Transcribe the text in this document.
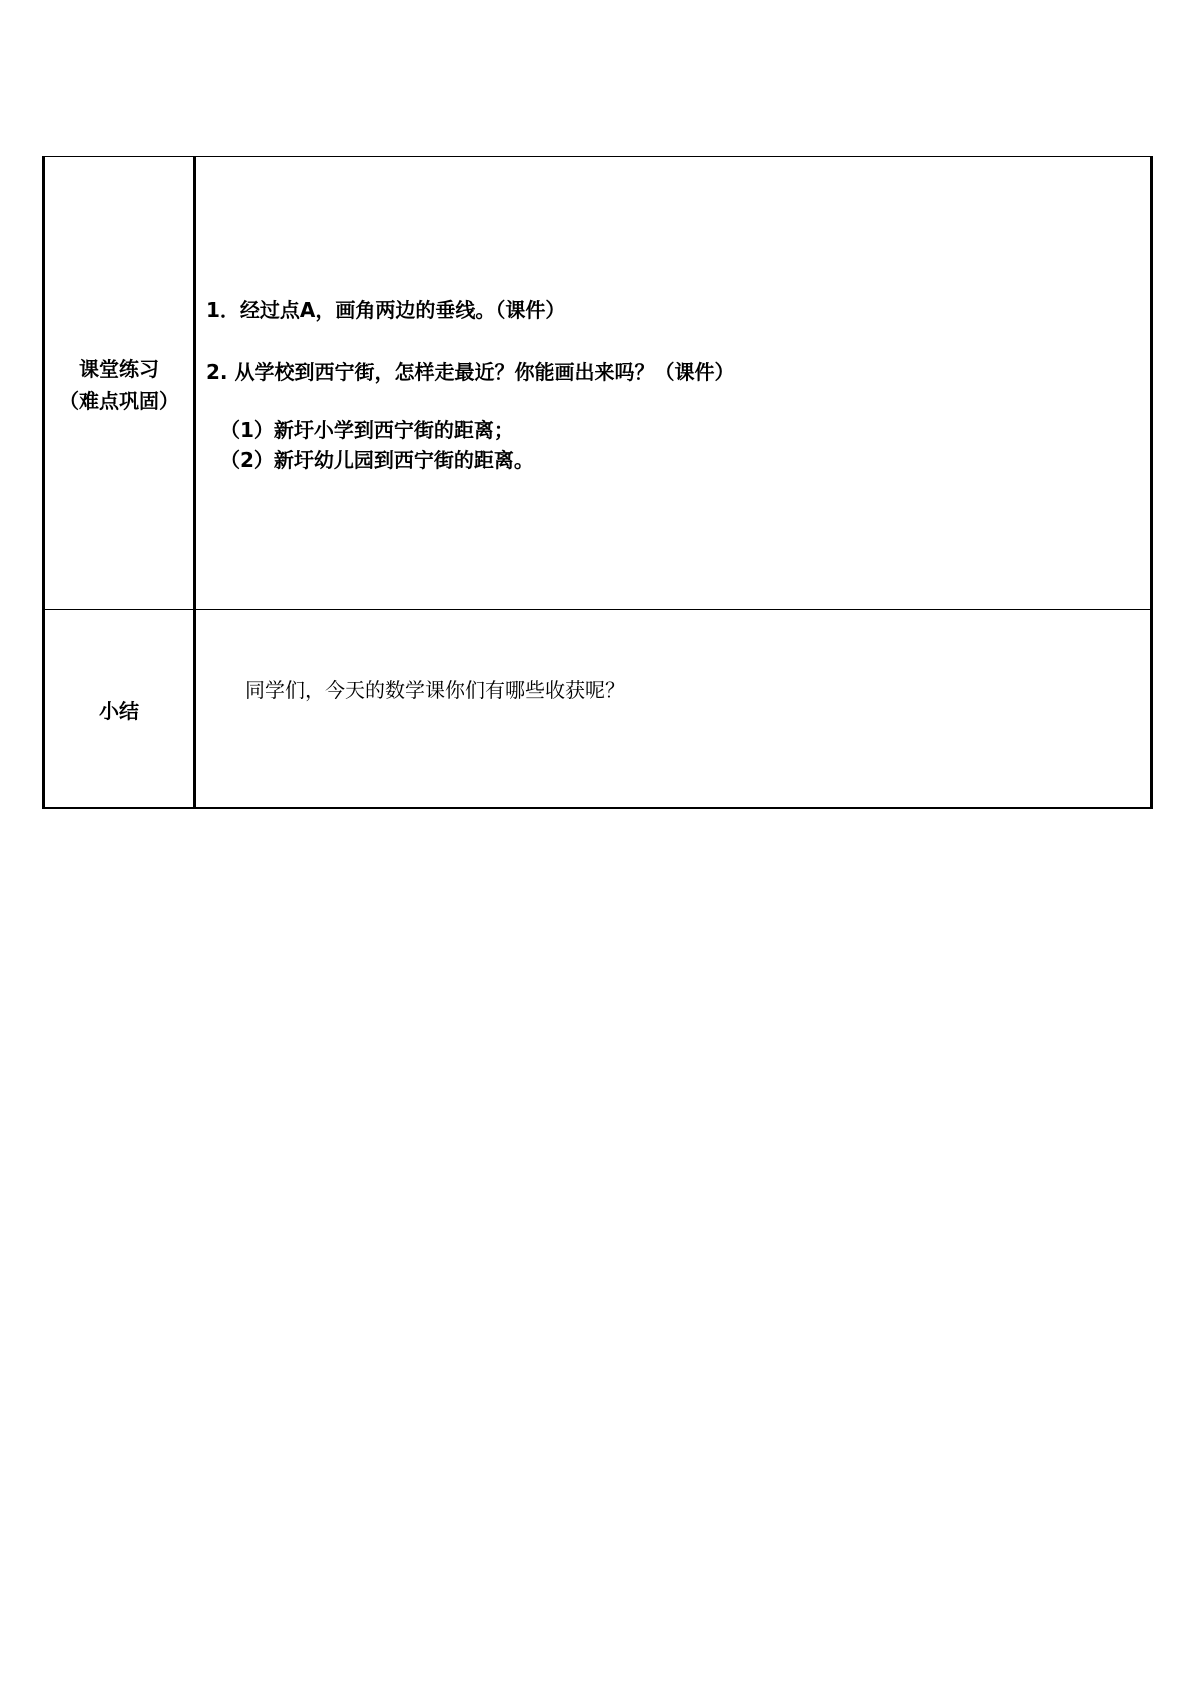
课堂练习
（难点巩固）	1．经过点A，画角两边的垂线。（课件）
2. 从学校到西宁街，怎样走最近？你能画出来吗？（课件）
（1）新圩小学到西宁街的距离；
（2）新圩幼儿园到西宁街的距离。

小结	同学们，今天的数学课你们有哪些收获呢？
